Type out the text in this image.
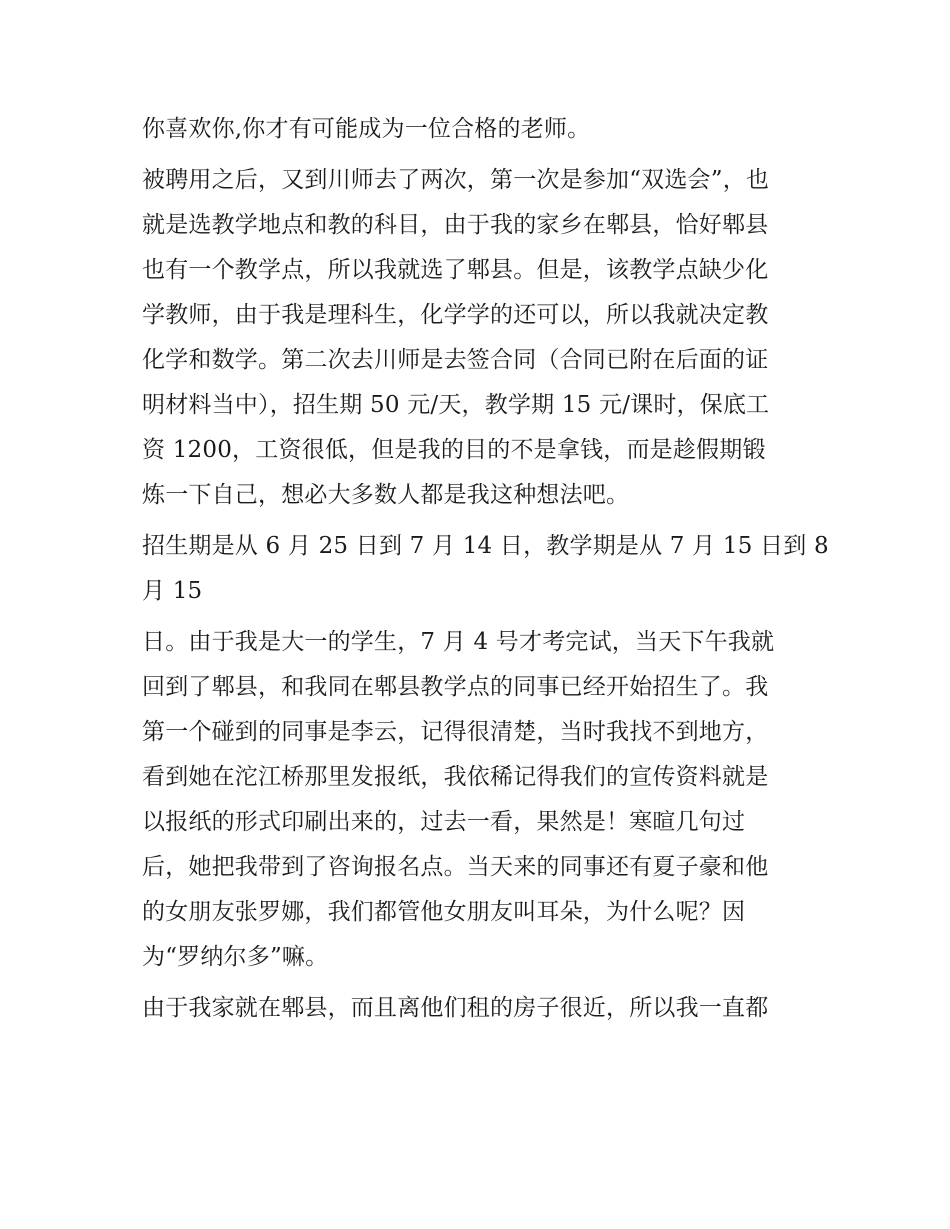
你喜欢你,你才有可能成为一位合格的老师。
被聘用之后，又到川师去了两次，第一次是参加“双选会”，也
就是选教学地点和教的科目，由于我的家乡在郫县，恰好郫县
也有一个教学点，所以我就选了郫县。但是，该教学点缺少化
学教师，由于我是理科生，化学学的还可以，所以我就决定教
化学和数学。第二次去川师是去签合同（合同已附在后面的证
明材料当中），招生期 50 元/天，教学期 15 元/课时，保底工
资 1200，工资很低，但是我的目的不是拿钱，而是趁假期锻
炼一下自己，想必大多数人都是我这种想法吧。
招生期是从 6 月 25 日到 7 月 14 日，教学期是从 7 月 15 日到 8
月 15
日。由于我是大一的学生，7 月 4 号才考完试，当天下午我就
回到了郫县，和我同在郫县教学点的同事已经开始招生了。我
第一个碰到的同事是李云，记得很清楚，当时我找不到地方，
看到她在沱江桥那里发报纸，我依稀记得我们的宣传资料就是
以报纸的形式印刷出来的，过去一看，果然是！寒暄几句过
后，她把我带到了咨询报名点。当天来的同事还有夏子豪和他
的女朋友张罗娜，我们都管他女朋友叫耳朵，为什么呢？因
为“罗纳尔多”嘛。
由于我家就在郫县，而且离他们租的房子很近，所以我一直都
